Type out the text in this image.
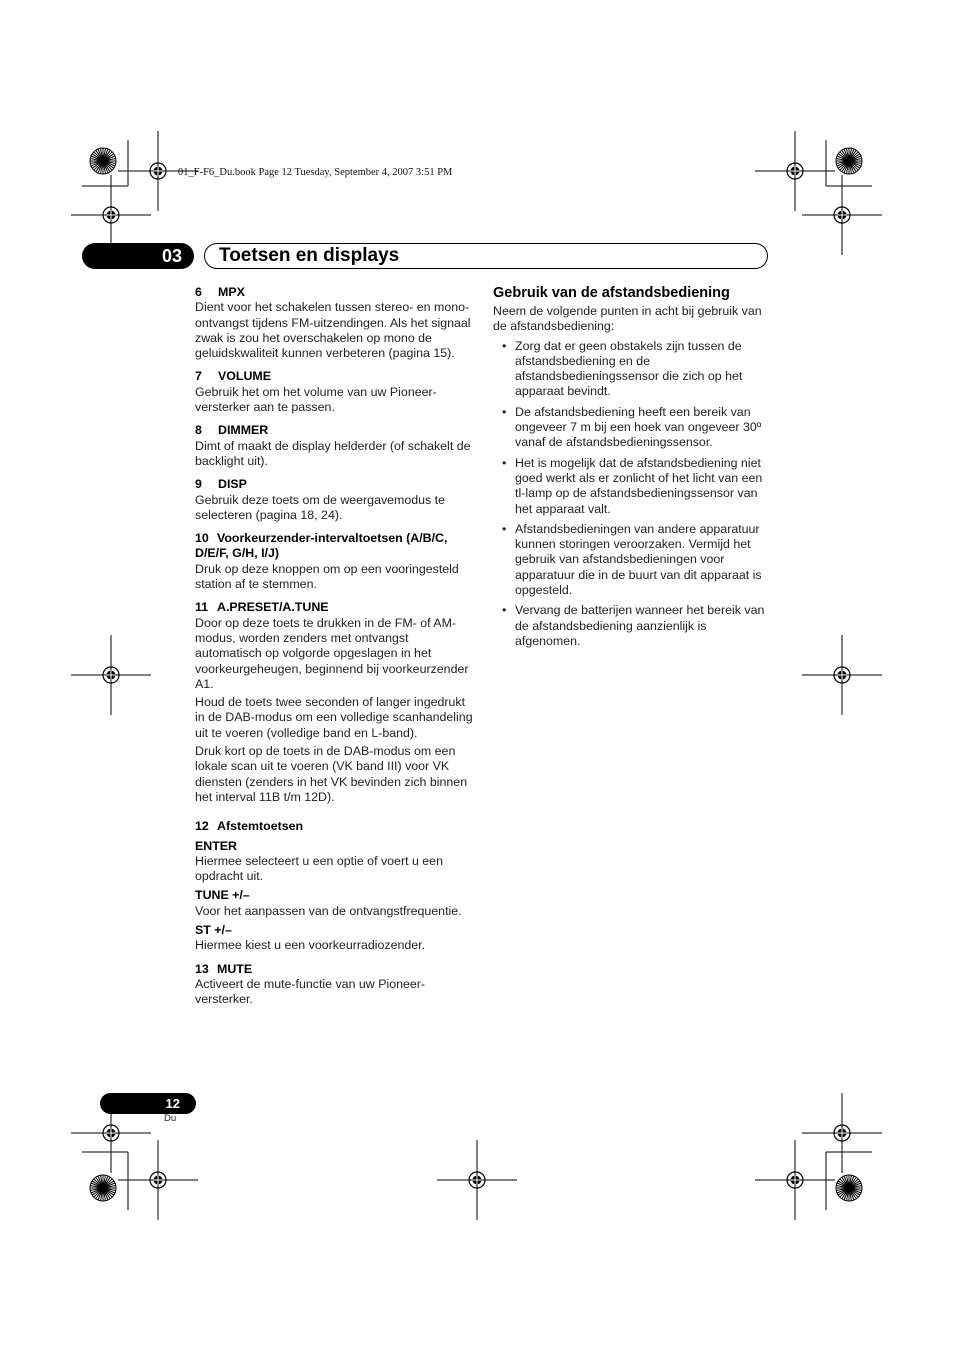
01_F-F6_Du.book Page 12 Tuesday, September 4, 2007 3:51 PM
03	Toetsen en displays
6 MPX

Dient voor het schakelen tussen stereo- en mono-ontvangst tijdens FM-uitzendingen. Als het signaal zwak is zou het overschakelen op mono de geluidskwaliteit kunnen verbeteren (pagina 15).

7 VOLUME

Gebruik het om het volume van uw Pioneer-versterker aan te passen.

8 DIMMER

Dimt of maakt de display helderder (of schakelt de backlight uit).

9 DISP

Gebruik deze toets om de weergavemodus te selecteren (pagina 18, 24).

10 Voorkeurzender-intervaltoetsen (A/B/C, D/E/F, G/H, I/J)

Druk op deze knoppen om op een vooringesteld station af te stemmen.

11 A.PRESET/A.TUNE

Door op deze toets te drukken in de FM- of AM-modus, worden zenders met ontvangst automatisch op volgorde opgeslagen in het voorkeurgeheugen, beginnend bij voorkeurzender A1.

Houd de toets twee seconden of langer ingedrukt in de DAB-modus om een volledige scanhandeling uit te voeren (volledige band en L-band).

Druk kort op de toets in de DAB-modus om een lokale scan uit te voeren (VK band III) voor VK diensten (zenders in het VK bevinden zich binnen het interval 11B t/m 12D).

12 Afstemtoetsen
ENTER

Hiermee selecteert u een optie of voert u een opdracht uit.

TUNE +/–

Voor het aanpassen van de ontvangstfrequentie.

ST +/–

Hiermee kiest u een voorkeurradiozender.

13 MUTE

Activeert de mute-functie van uw Pioneer-versterker.

Gebruik van de afstandsbediening

Neem de volgende punten in acht bij gebruik van de afstandsbediening:

• Zorg dat er geen obstakels zijn tussen de afstandsbediening en de afstandsbedieningssensor die zich op het apparaat bevindt.
• De afstandsbediening heeft een bereik van ongeveer 7 m bij een hoek van ongeveer 30º vanaf de afstandsbedieningssensor.
• Het is mogelijk dat de afstandsbediening niet goed werkt als er zonlicht of het licht van een tl-lamp op de afstandsbedieningssensor van het apparaat valt.
• Afstandsbedieningen van andere apparatuur kunnen storingen veroorzaken. Vermijd het gebruik van afstandsbedieningen voor apparatuur die in de buurt van dit apparaat is opgesteld.
• Vervang de batterijen wanneer het bereik van de afstandsbediening aanzienlijk is afgenomen.
12
Du
